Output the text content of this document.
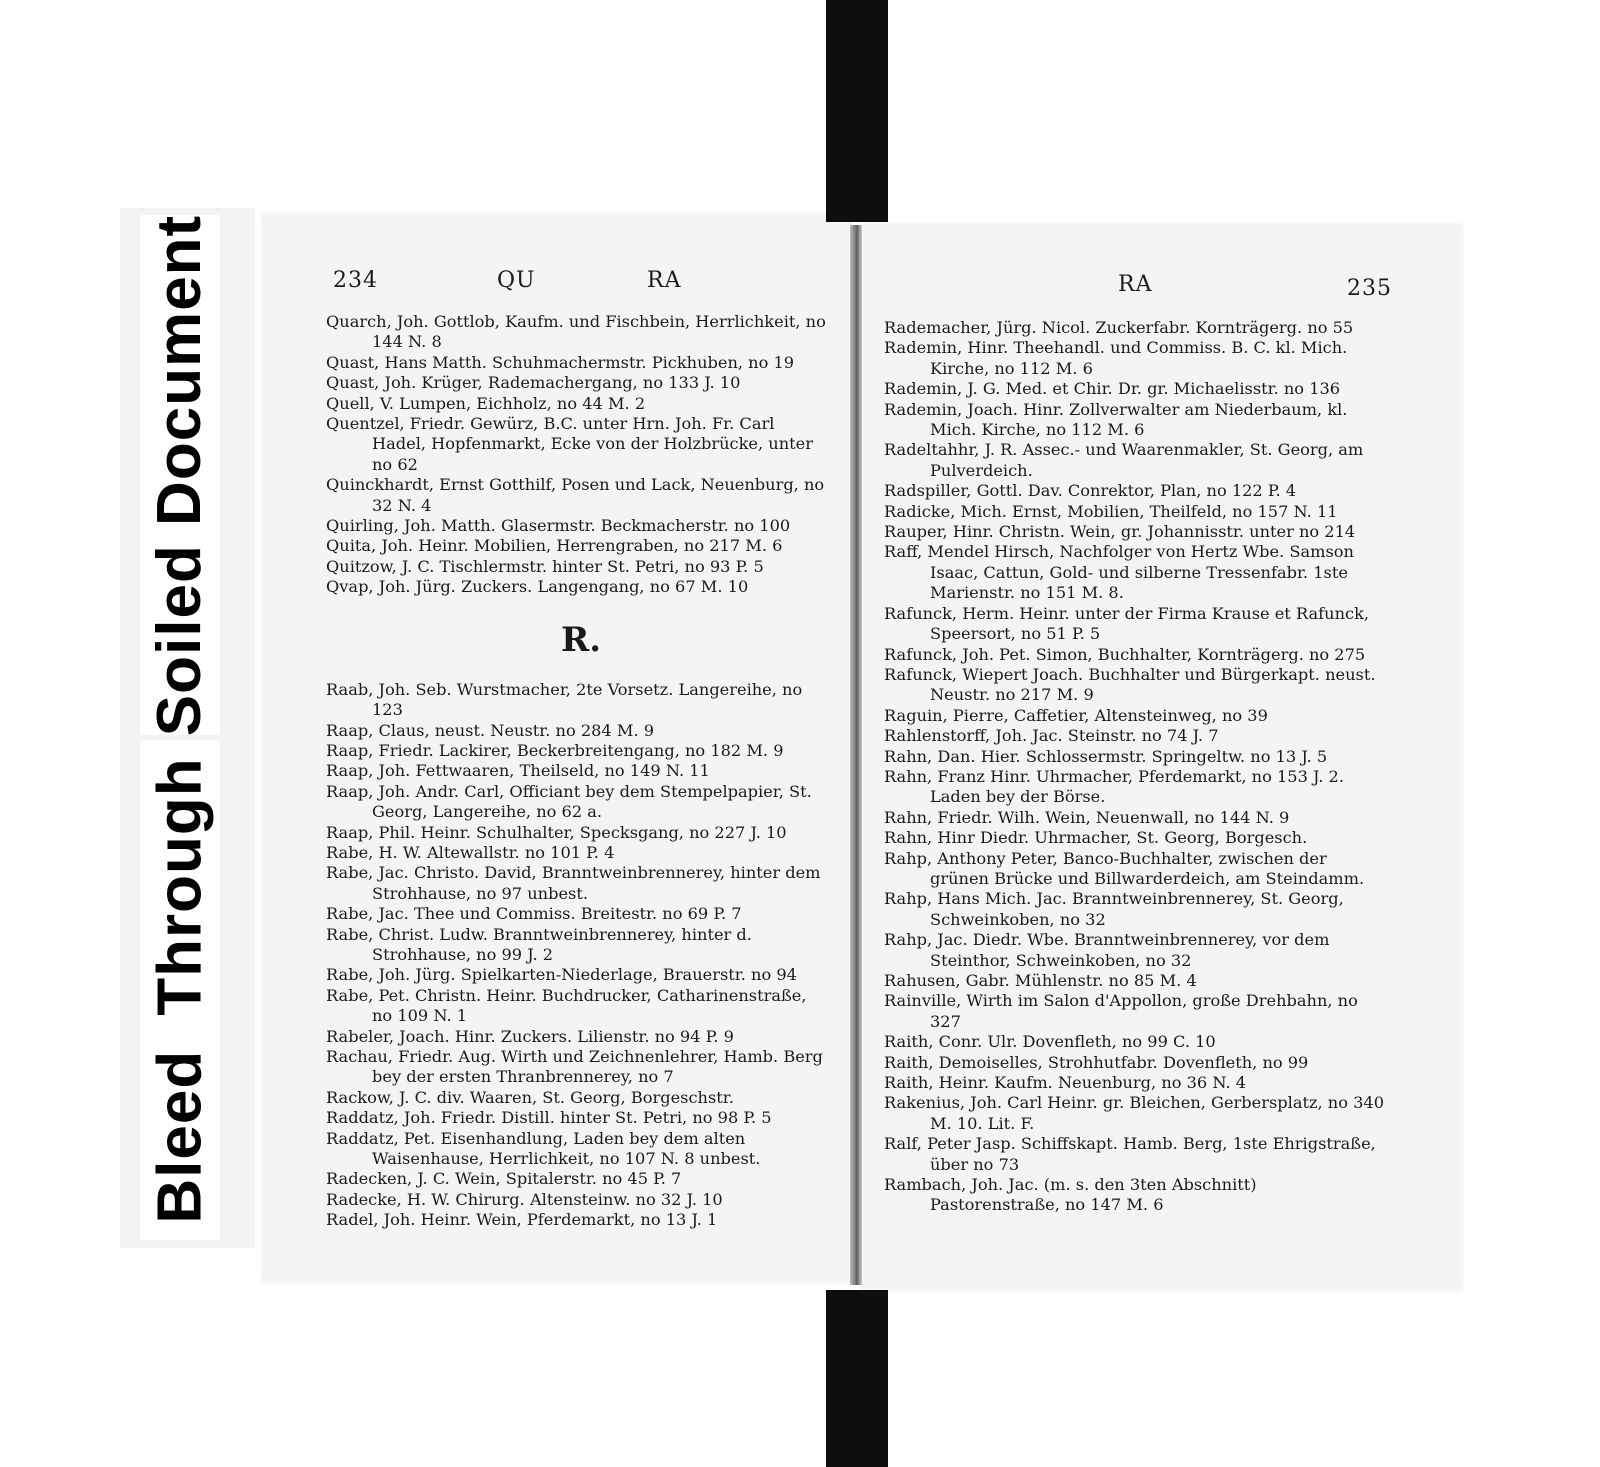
Soiled Document
BleedThrough
234	QU	RA
Quarch, Joh. Gottlob, Kaufm. und Fischbein, Herrlichkeit, no 144 N. 8
Quast, Hans Matth. Schuhmachermstr. Pickhuben, no 19
Quast, Joh. Krüger, Rademachergang, no 133 J. 10
Quell, V. Lumpen, Eichholz, no 44 M. 2
Quentzel, Friedr. Gewürz, B.C. unter Hrn. Joh. Fr. Carl Hadel, Hopfenmarkt, Ecke von der Holzbrücke, unter no 62
Quinckhardt, Ernst Gotthilf, Posen und Lack, Neuenburg, no 32 N. 4
Quirling, Joh. Matth. Glasermstr. Beckmacherstr. no 100
Quita, Joh. Heinr. Mobilien, Herrengraben, no 217 M. 6
Quitzow, J. C. Tischlermstr. hinter St. Petri, no 93 P. 5
Qvap, Joh. Jürg. Zuckers. Langengang, no 67 M. 10
R.
Raab, Joh. Seb. Wurstmacher, 2te Vorsetz. Langereihe, no 123
Raap, Claus, neust. Neustr. no 284 M. 9
Raap, Friedr. Lackirer, Beckerbreitengang, no 182 M. 9
Raap, Joh. Fettwaaren, Theilseld, no 149 N. 11
Raap, Joh. Andr. Carl, Officiant bey dem Stempelpapier, St. Georg, Langereihe, no 62 a.
Raap, Phil. Heinr. Schulhalter, Specksgang, no 227 J. 10
Rabe, H. W. Altewallstr. no 101 P. 4
Rabe, Jac. Christo. David, Branntweinbrennerey, hinter dem Strohhause, no 97 unbest.
Rabe, Jac. Thee und Commiss. Breitestr. no 69 P. 7
Rabe, Christ. Ludw. Branntweinbrennerey, hinter d. Strohhause, no 99 J. 2
Rabe, Joh. Jürg. Spielkarten-Niederlage, Brauerstr. no 94
Rabe, Pet. Christn. Heinr. Buchdrucker, Catharinenstraße, no 109 N. 1
Rabeler, Joach. Hinr. Zuckers. Lilienstr. no 94 P. 9
Rachau, Friedr. Aug. Wirth und Zeichnenlehrer, Hamb. Berg bey der ersten Thranbrennerey, no 7
Rackow, J. C. div. Waaren, St. Georg, Borgeschstr.
Raddatz, Joh. Friedr. Distill. hinter St. Petri, no 98 P. 5
Raddatz, Pet. Eisenhandlung, Laden bey dem alten Waisenhause, Herrlichkeit, no 107 N. 8 unbest.
Radecken, J. C. Wein, Spitalerstr. no 45 P. 7
Radecke, H. W. Chirurg. Altensteinw. no 32 J. 10
Radel, Joh. Heinr. Wein, Pferdemarkt, no 13 J. 1
RA	235
Rademacher, Jürg. Nicol. Zuckerfabr. Kornträgerg. no 55
Rademin, Hinr. Theehandl. und Commiss. B. C. kl. Mich. Kirche, no 112 M. 6
Rademin, J. G. Med. et Chir. Dr. gr. Michaelisstr. no 136
Rademin, Joach. Hinr. Zollverwalter am Niederbaum, kl. Mich. Kirche, no 112 M. 6
Radeltahhr, J. R. Assec.- und Waarenmakler, St. Georg, am Pulverdeich.
Radspiller, Gottl. Dav. Conrektor, Plan, no 122 P. 4
Radicke, Mich. Ernst, Mobilien, Theilfeld, no 157 N. 11
Rauper, Hinr. Christn. Wein, gr. Johannisstr. unter no 214
Raff, Mendel Hirsch, Nachfolger von Hertz Wbe. Samson Isaac, Cattun, Gold- und silberne Tressenfabr. 1ste Marienstr. no 151 M. 8.
Rafunck, Herm. Heinr. unter der Firma Krause et Rafunck, Speersort, no 51 P. 5
Rafunck, Joh. Pet. Simon, Buchhalter, Kornträgerg. no 275
Rafunck, Wiepert Joach. Buchhalter und Bürgerkapt. neust. Neustr. no 217 M. 9
Raguin, Pierre, Caffetier, Altensteinweg, no 39
Rahlenstorff, Joh. Jac. Steinstr. no 74 J. 7
Rahn, Dan. Hier. Schlossermstr. Springeltw. no 13 J. 5
Rahn, Franz Hinr. Uhrmacher, Pferdemarkt, no 153 J. 2. Laden bey der Börse.
Rahn, Friedr. Wilh. Wein, Neuenwall, no 144 N. 9
Rahn, Hinr Diedr. Uhrmacher, St. Georg, Borgesch.
Rahp, Anthony Peter, Banco-Buchhalter, zwischen der grünen Brücke und Billwarderdeich, am Steindamm.
Rahp, Hans Mich. Jac. Branntweinbrennerey, St. Georg, Schweinkoben, no 32
Rahp, Jac. Diedr. Wbe. Branntweinbrennerey, vor dem Steinthor, Schweinkoben, no 32
Rahusen, Gabr. Mühlenstr. no 85 M. 4
Rainville, Wirth im Salon d'Appollon, große Drehbahn, no 327
Raith, Conr. Ulr. Dovenfleth, no 99 C. 10
Raith, Demoiselles, Strohhutfabr. Dovenfleth, no 99
Raith, Heinr. Kaufm. Neuenburg, no 36 N. 4
Rakenius, Joh. Carl Heinr. gr. Bleichen, Gerbersplatz, no 340 M. 10. Lit. F.
Ralf, Peter Jasp. Schiffskapt. Hamb. Berg, 1ste Ehrigstraße, über no 73
Rambach, Joh. Jac. (m. s. den 3ten Abschnitt) Pastorenstraße, no 147 M. 6
